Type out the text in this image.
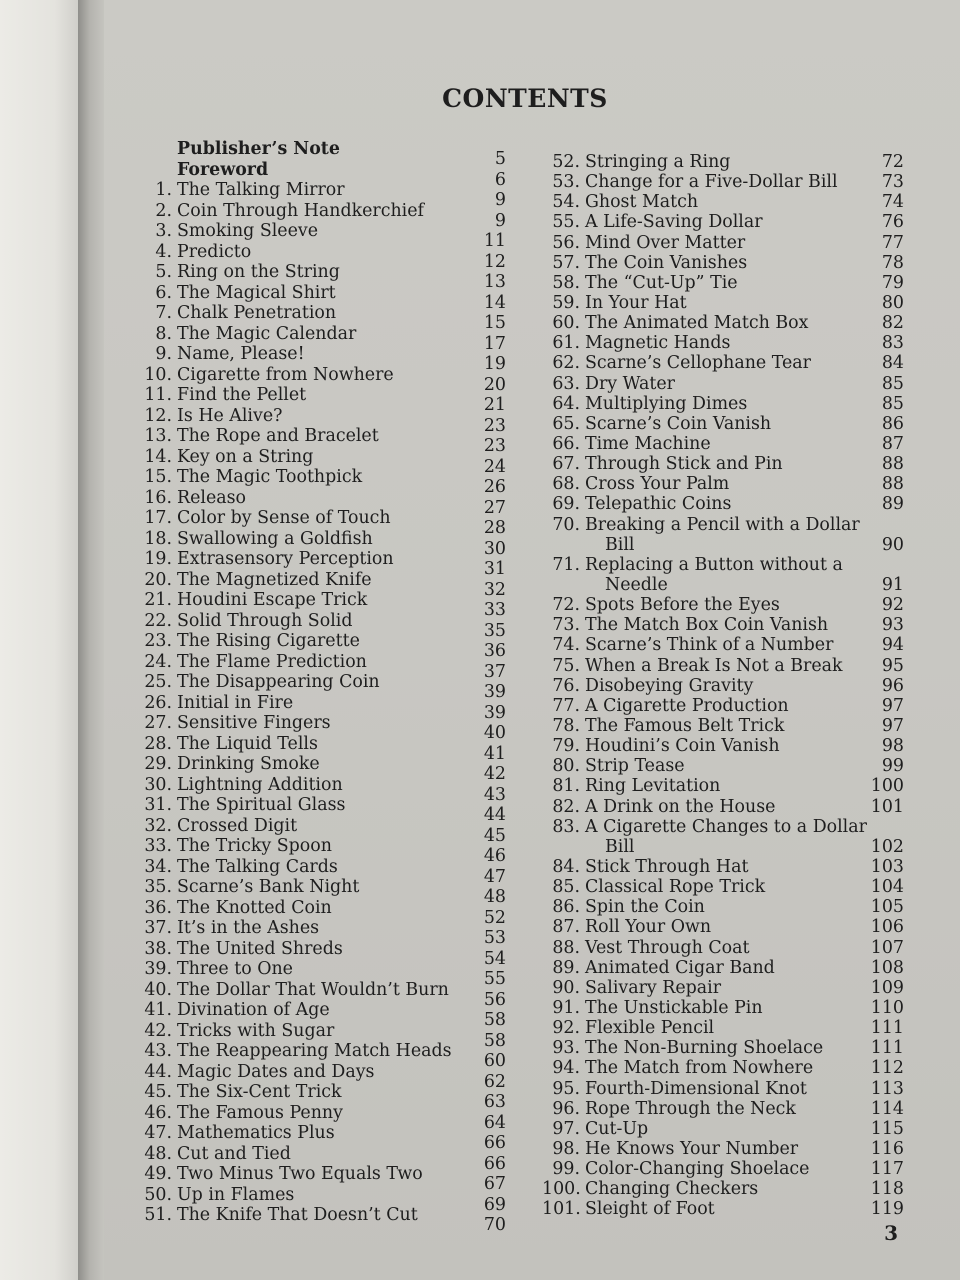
CONTENTS
Publisher’s Note	5
Foreword	6
1. The Talking Mirror	9
2. Coin Through Handkerchief	9
3. Smoking Sleeve	11
4. Predicto	12
5. Ring on the String	13
6. The Magical Shirt	14
7. Chalk Penetration	15
8. The Magic Calendar	17
9. Name, Please!	19
10. Cigarette from Nowhere	20
11. Find the Pellet	21
12. Is He Alive?	23
13. The Rope and Bracelet	23
14. Key on a String	24
15. The Magic Toothpick	26
16. Releaso	27
17. Color by Sense of Touch	28
18. Swallowing a Goldfish	30
19. Extrasensory Perception	31
20. The Magnetized Knife	32
21. Houdini Escape Trick	33
22. Solid Through Solid	35
23. The Rising Cigarette	36
24. The Flame Prediction	37
25. The Disappearing Coin	39
26. Initial in Fire	39
27. Sensitive Fingers	40
28. The Liquid Tells	41
29. Drinking Smoke	42
30. Lightning Addition	43
31. The Spiritual Glass	44
32. Crossed Digit	45
33. The Tricky Spoon	46
34. The Talking Cards	47
35. Scarne’s Bank Night	48
36. The Knotted Coin	52
37. It’s in the Ashes	53
38. The United Shreds	54
39. Three to One	55
40. The Dollar That Wouldn’t Burn	56
41. Divination of Age	58
42. Tricks with Sugar	58
43. The Reappearing Match Heads	60
44. Magic Dates and Days	62
45. The Six-Cent Trick	63
46. The Famous Penny	64
47. Mathematics Plus	66
48. Cut and Tied	66
49. Two Minus Two Equals Two	67
50. Up in Flames	69
51. The Knife That Doesn’t Cut	70
52. Stringing a Ring	72
53. Change for a Five-Dollar Bill	73
54. Ghost Match	74
55. A Life-Saving Dollar	76
56. Mind Over Matter	77
57. The Coin Vanishes	78
58. The “Cut-Up” Tie	79
59. In Your Hat	80
60. The Animated Match Box	82
61. Magnetic Hands	83
62. Scarne’s Cellophane Tear	84
63. Dry Water	85
64. Multiplying Dimes	85
65. Scarne’s Coin Vanish	86
66. Time Machine	87
67. Through Stick and Pin	88
68. Cross Your Palm	88
69. Telepathic Coins	89
70. Breaking a Pencil with a Dollar
Bill	90
71. Replacing a Button without a
Needle	91
72. Spots Before the Eyes	92
73. The Match Box Coin Vanish	93
74. Scarne’s Think of a Number	94
75. When a Break Is Not a Break	95
76. Disobeying Gravity	96
77. A Cigarette Production	97
78. The Famous Belt Trick	97
79. Houdini’s Coin Vanish	98
80. Strip Tease	99
81. Ring Levitation	100
82. A Drink on the House	101
83. A Cigarette Changes to a Dollar
Bill	102
84. Stick Through Hat	103
85. Classical Rope Trick	104
86. Spin the Coin	105
87. Roll Your Own	106
88. Vest Through Coat	107
89. Animated Cigar Band	108
90. Salivary Repair	109
91. The Unstickable Pin	110
92. Flexible Pencil	111
93. The Non-Burning Shoelace	111
94. The Match from Nowhere	112
95. Fourth-Dimensional Knot	113
96. Rope Through the Neck	114
97. Cut-Up	115
98. He Knows Your Number	116
99. Color-Changing Shoelace	117
100. Changing Checkers	118
101. Sleight of Foot	119
3
